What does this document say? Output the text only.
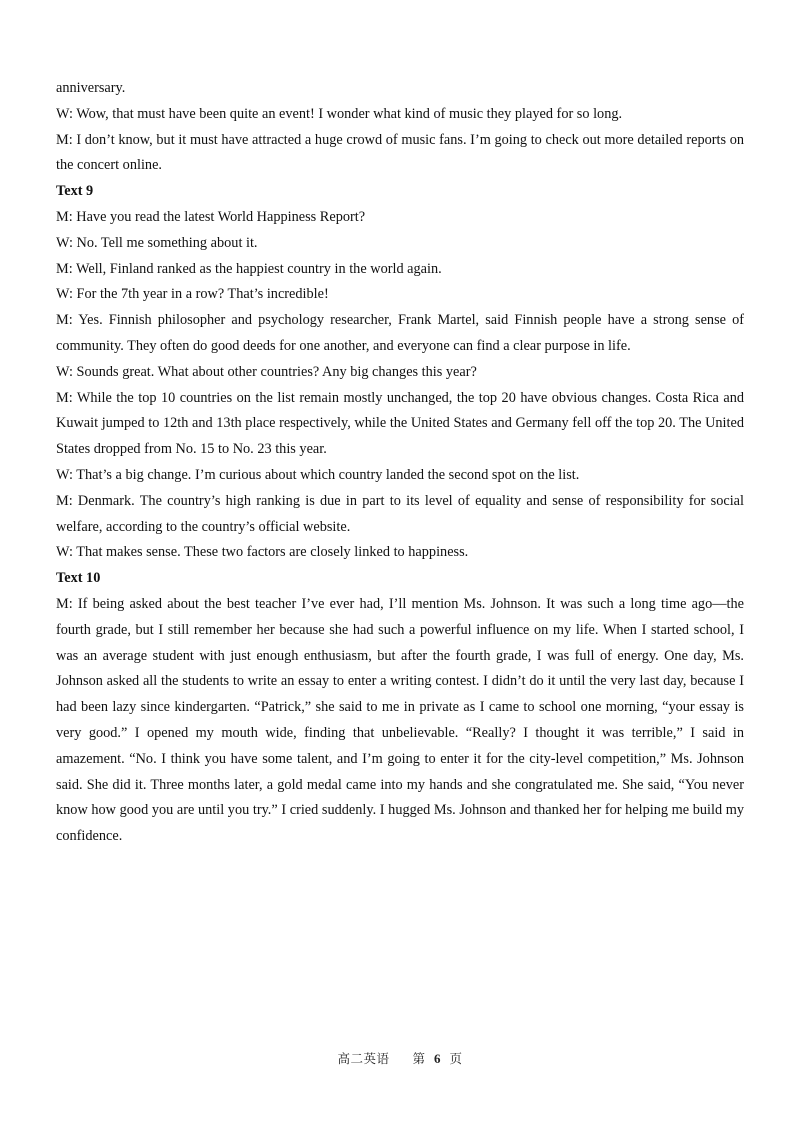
anniversary.

W: Wow, that must have been quite an event! I wonder what kind of music they played for so long.

M: I don’t know, but it must have attracted a huge crowd of music fans. I’m going to check out more detailed reports on the concert online.

Text 9

M: Have you read the latest World Happiness Report?

W: No. Tell me something about it.

M: Well, Finland ranked as the happiest country in the world again.

W: For the 7th year in a row? That’s incredible!

M: Yes. Finnish philosopher and psychology researcher, Frank Martel, said Finnish people have a strong sense of community. They often do good deeds for one another, and everyone can find a clear purpose in life.

W: Sounds great. What about other countries? Any big changes this year?

M: While the top 10 countries on the list remain mostly unchanged, the top 20 have obvious changes. Costa Rica and Kuwait jumped to 12th and 13th place respectively, while the United States and Germany fell off the top 20. The United States dropped from No. 15 to No. 23 this year.

W: That’s a big change. I’m curious about which country landed the second spot on the list.

M: Denmark. The country’s high ranking is due in part to its level of equality and sense of responsibility for social welfare, according to the country’s official website.

W: That makes sense. These two factors are closely linked to happiness.

Text 10

M: If being asked about the best teacher I’ve ever had, I’ll mention Ms. Johnson. It was such a long time ago—the fourth grade, but I still remember her because she had such a powerful influence on my life. When I started school, I was an average student with just enough enthusiasm, but after the fourth grade, I was full of energy. One day, Ms. Johnson asked all the students to write an essay to enter a writing contest. I didn’t do it until the very last day, because I had been lazy since kindergarten. “Patrick,” she said to me in private as I came to school one morning, “your essay is very good.” I opened my mouth wide, finding that unbelievable. “Really? I thought it was terrible,” I said in amazement. “No. I think you have some talent, and I’m going to enter it for the city-level competition,” Ms. Johnson said. She did it. Three months later, a gold medal came into my hands and she congratulated me. She said, “You never know how good you are until you try.” I cried suddenly. I hugged Ms. Johnson and thanked her for helping me build my confidence.

高二英语 第 6 页
